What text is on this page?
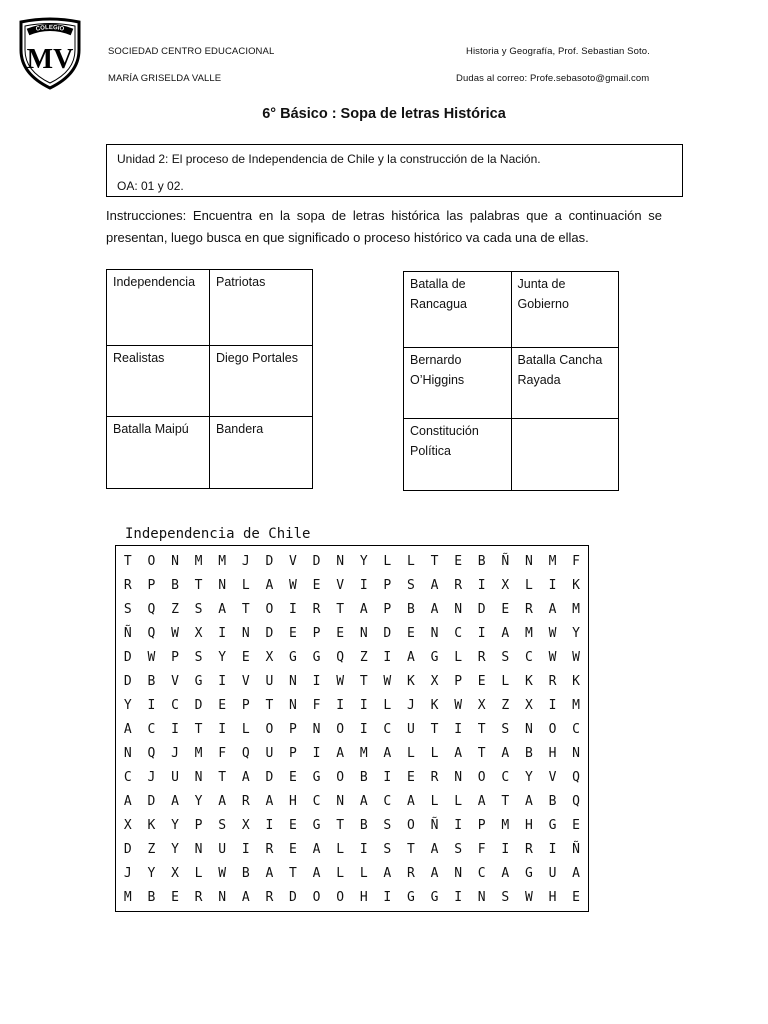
COLEGIO
MV	SOCIEDAD CENTRO EDUCACIONAL
MARÍA GRISELDA VALLE
Historia y Geografía, Prof. Sebastian Soto.
Dudas al correo: Profe.sebasoto@gmail.com
6° Básico : Sopa de letras Histórica
Unidad 2: El proceso de Independencia de Chile y la construcción de la Nación.
OA: 01 y 02.
Instrucciones: Encuentra en la sopa de letras histórica las palabras que a continuación se presentan, luego busca en que significado o proceso histórico va cada una de ellas.
Independencia	Patriotas
Realistas	Diego Portales
Batalla Maipú	Bandera
Batalla de Rancagua	Junta de Gobierno
Bernardo O’Higgins	Batalla Cancha Rayada
Constitución Política	
Independencia de Chile
T	O	N	M	M	J	D	V	D	N	Y	L	L	T	E	B	Ñ	N	M	F
R	P	B	T	N	L	A	W	E	V	I	P	S	A	R	I	X	L	I	K
S	Q	Z	S	A	T	O	I	R	T	A	P	B	A	N	D	E	R	A	M
Ñ	Q	W	X	I	N	D	E	P	E	N	D	E	N	C	I	A	M	W	Y
D	W	P	S	Y	E	X	G	G	Q	Z	I	A	G	L	R	S	C	W	W
D	B	V	G	I	V	U	N	I	W	T	W	K	X	P	E	L	K	R	K
Y	I	C	D	E	P	T	N	F	I	I	L	J	K	W	X	Z	X	I	M
A	C	I	T	I	L	O	P	N	O	I	C	U	T	I	T	S	N	O	C
N	Q	J	M	F	Q	U	P	I	A	M	A	L	L	A	T	A	B	H	N
C	J	U	N	T	A	D	E	G	O	B	I	E	R	N	O	C	Y	V	Q
A	D	A	Y	A	R	A	H	C	N	A	C	A	L	L	A	T	A	B	Q
X	K	Y	P	S	X	I	E	G	T	B	S	O	Ñ	I	P	M	H	G	E
D	Z	Y	N	U	I	R	E	A	L	I	S	T	A	S	F	I	R	I	Ñ
J	Y	X	L	W	B	A	T	A	L	L	A	R	A	N	C	A	G	U	A
M	B	E	R	N	A	R	D	O	O	H	I	G	G	I	N	S	W	H	E
